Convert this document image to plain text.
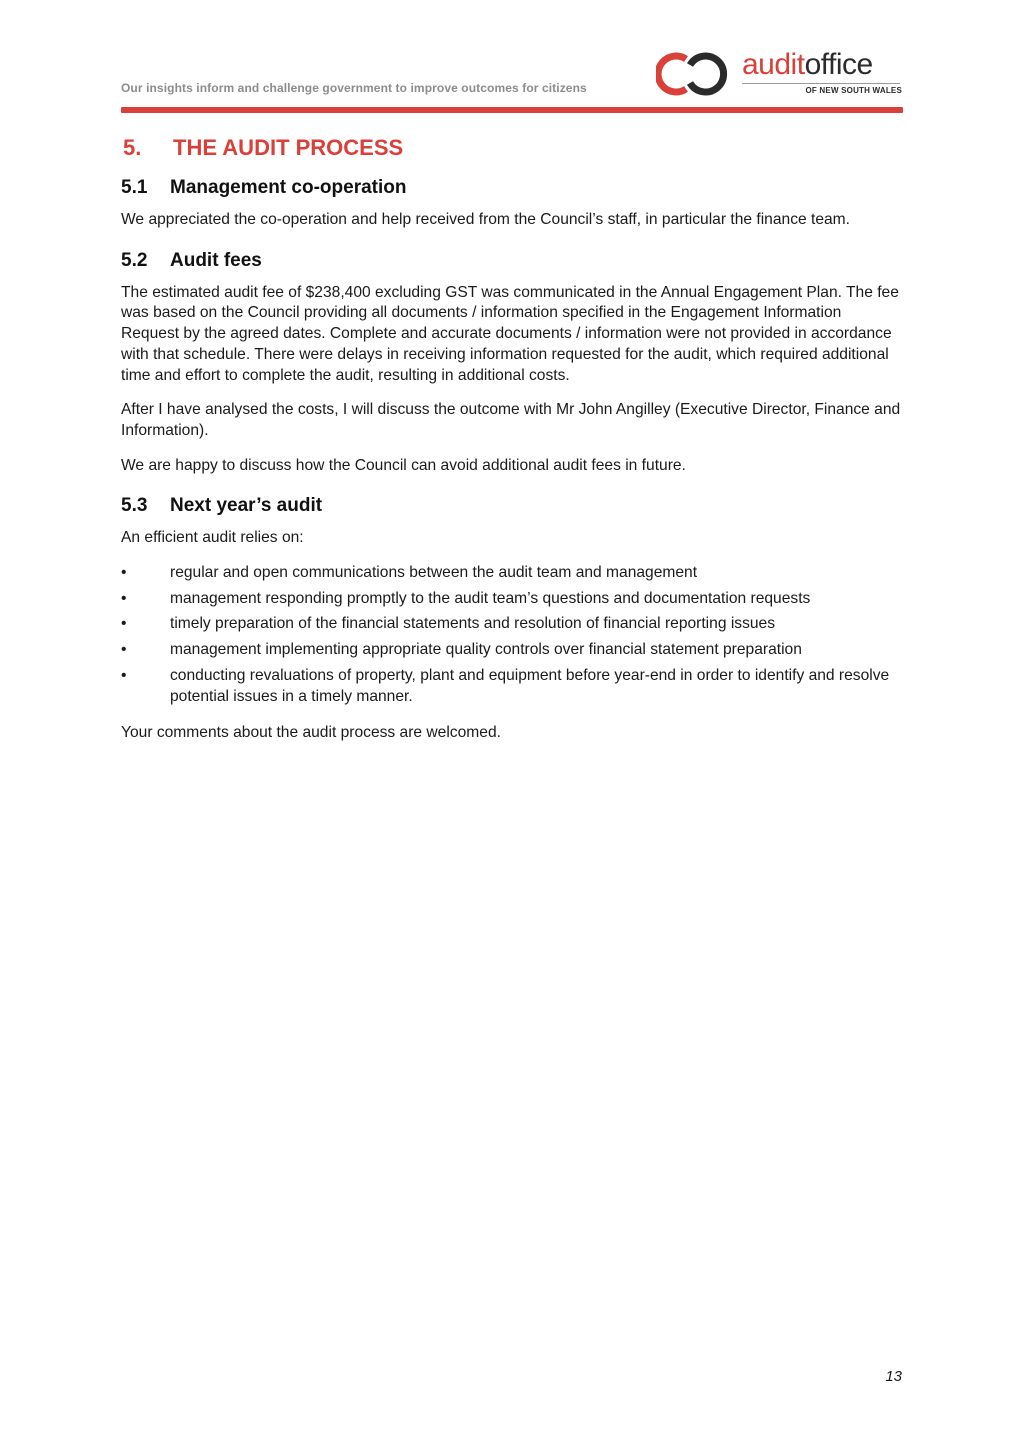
Our insights inform and challenge government to improve outcomes for citizens
auditoffice
OF NEW SOUTH WALES
5.	THE AUDIT PROCESS
5.1	Management co-operation

We appreciated the co-operation and help received from the Council’s staff, in particular the finance team.

5.2	Audit fees

The estimated audit fee of $238,400 excluding GST was communicated in the Annual Engagement Plan. The fee was based on the Council providing all documents / information specified in the Engagement Information Request by the agreed dates. Complete and accurate documents / information were not provided in accordance with that schedule. There were delays in receiving information requested for the audit, which required additional time and effort to complete the audit, resulting in additional costs.

After I have analysed the costs, I will discuss the outcome with Mr John Angilley (Executive Director, Finance and Information).

We are happy to discuss how the Council can avoid additional audit fees in future.

5.3	Next year’s audit

An efficient audit relies on:

•	regular and open communications between the audit team and management
•	management responding promptly to the audit team’s questions and documentation requests
•	timely preparation of the financial statements and resolution of financial reporting issues
•	management implementing appropriate quality controls over financial statement preparation
•	conducting revaluations of property, plant and equipment before year-end in order to identify and resolve potential issues in a timely manner.

Your comments about the audit process are welcomed.

13
